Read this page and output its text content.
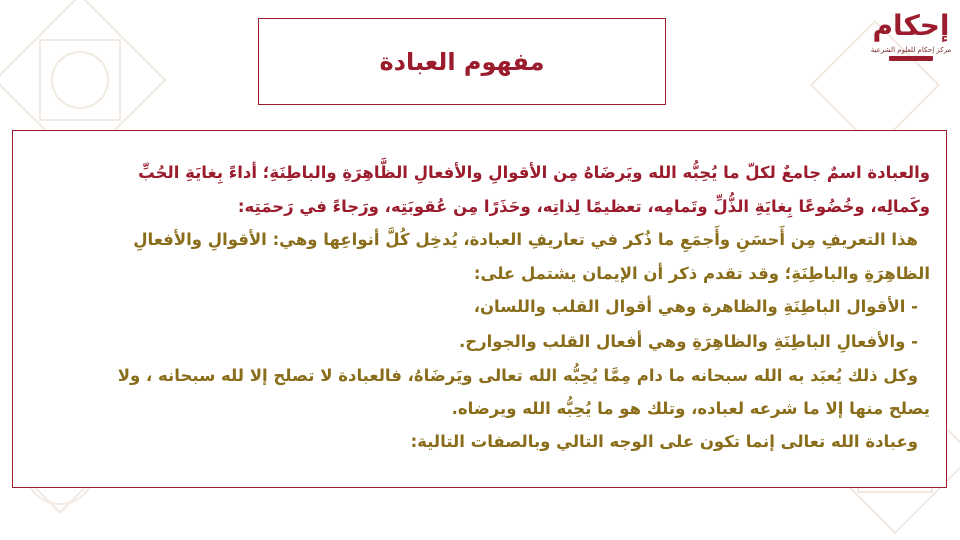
إحكام
مركز إحكام للعلوم الشرعية
مفهوم العبادة
والعبادة اسمٌ جامعٌ لكلّ ما يُحِبُّه الله ويَرضَاهُ مِن الأقوالِ والأفعالِ الظَّاهِرَةِ والباطِنَةِ؛ أداءً بِغايَةِ الحُبِّ
وكَمالِه، وخُضُوعًا بِغايَةِ الذُّلِّ وتَمامِه، تعظيمًا لِذاتِه، وحَذَرًا مِن عُقوبَتِه، ورَجاءً في رَحمَتِه:
هذا التعريفِ مِن أَحسَنِ وأَجمَعِ ما ذُكر في تعاريفِ العبادة، يُدخِل كُلَّ أنواعِها وهي: الأقوالِ والأفعالِ
الظاهِرَةِ والباطِنَةِ؛ وقد تقدم ذكر أن الإيمان يشتمل على:
- الأقوال الباطِنَةِ والظاهرة وهي أقوال القلب واللسان،
- والأفعالِ الباطِنَةِ والظاهِرَةِ وهي أفعال القلب والجوارح.
وكل ذلك يُعبَد به الله سبحانه ما دام مِمَّا يُحِبُّه الله تعالى ويَرضَاهُ، فالعبادة لا تصلح إلا لله سبحانه ، ولا
يصلح منها إلا ما شرعه لعباده، وتلك هو ما يُحِبُّه الله ويرضاه.
وعبادة الله تعالى إنما تكون على الوجه التالي وبالصفات التالية:
